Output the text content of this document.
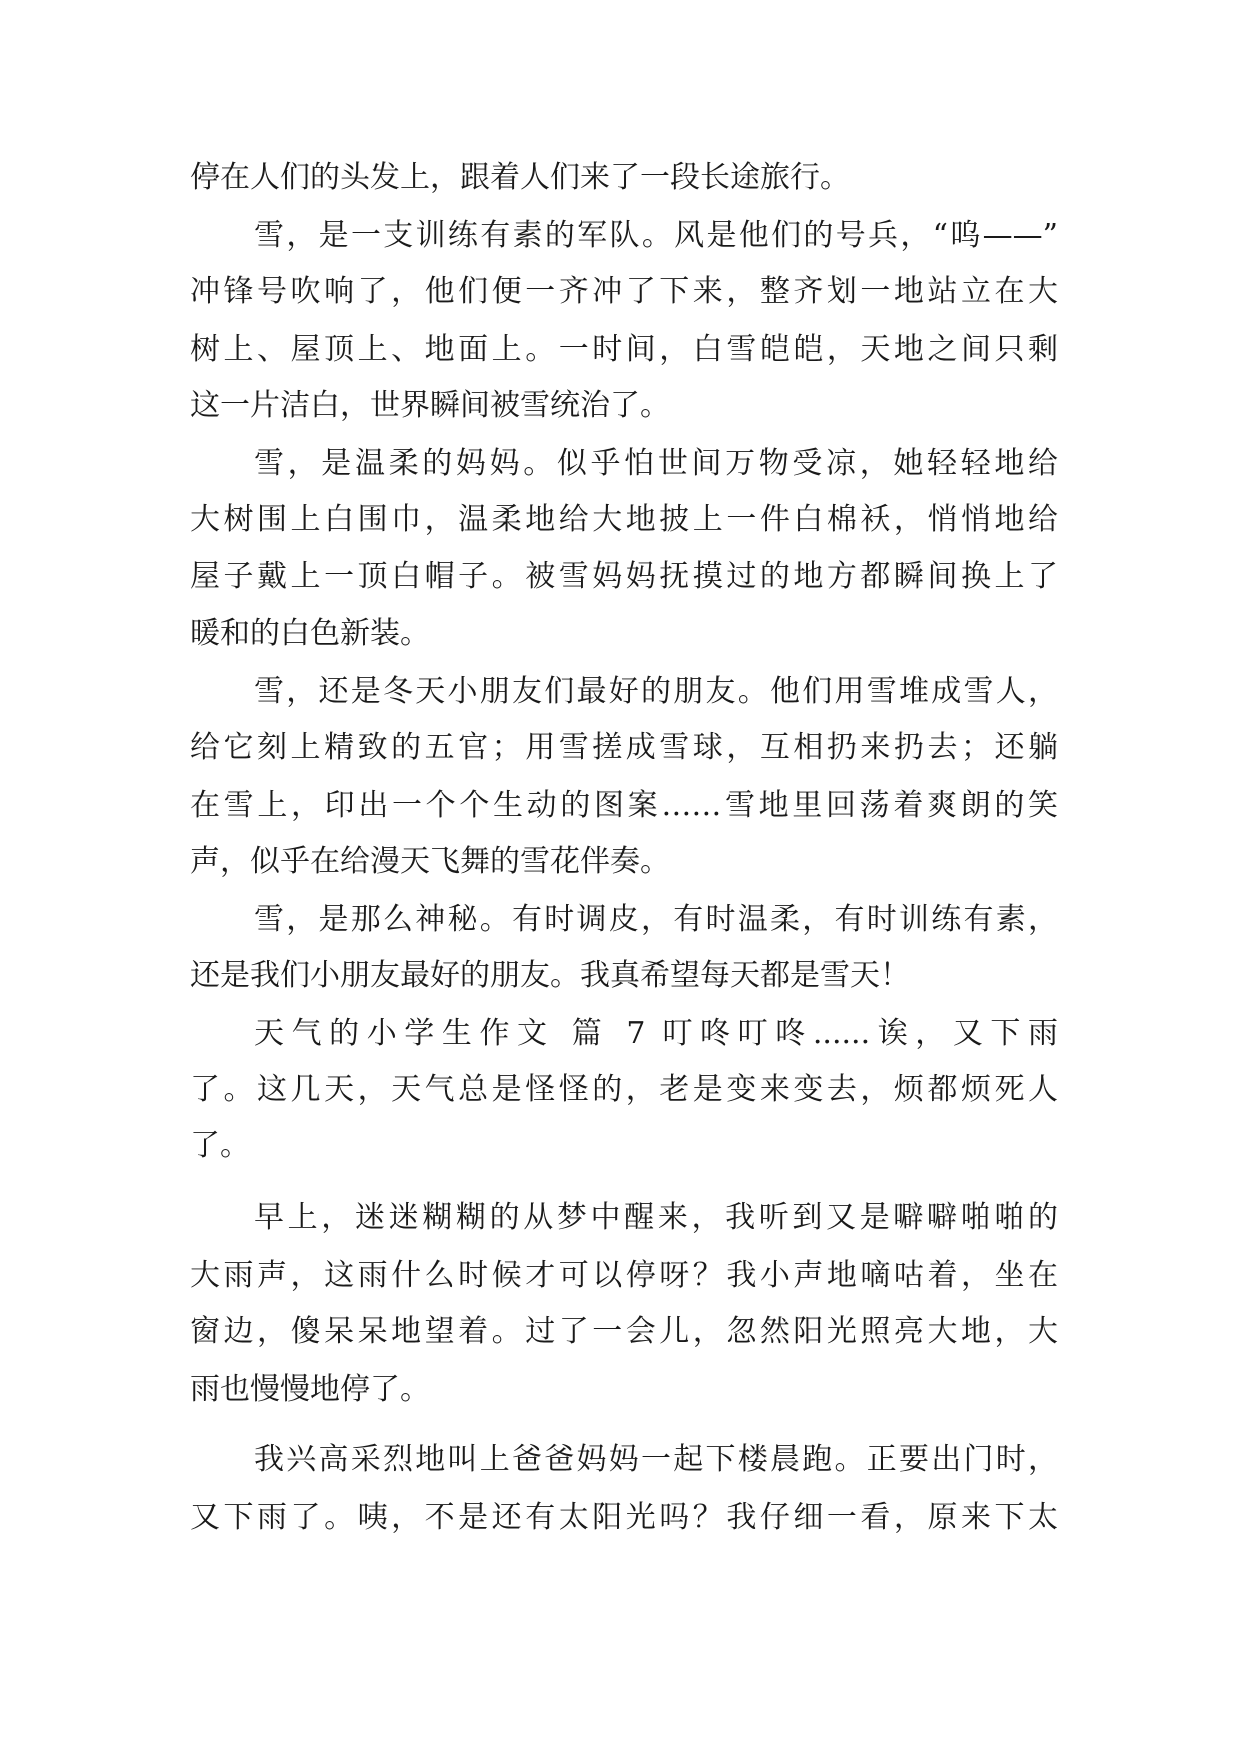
停在人们的头发上，跟着人们来了一段长途旅行。
雪，是一支训练有素的军队。风是他们的号兵，“呜——”
冲锋号吹响了，他们便一齐冲了下来，整齐划一地站立在大
树上、屋顶上、地面上。一时间，白雪皑皑，天地之间只剩
这一片洁白，世界瞬间被雪统治了。
雪，是温柔的妈妈。似乎怕世间万物受凉，她轻轻地给
大树围上白围巾，温柔地给大地披上一件白棉袄，悄悄地给
屋子戴上一顶白帽子。被雪妈妈抚摸过的地方都瞬间换上了
暖和的白色新装。
雪，还是冬天小朋友们最好的朋友。他们用雪堆成雪人，
给它刻上精致的五官；用雪搓成雪球，互相扔来扔去；还躺
在雪上，印出一个个生动的图案……雪地里回荡着爽朗的笑
声，似乎在给漫天飞舞的雪花伴奏。
雪，是那么神秘。有时调皮，有时温柔，有时训练有素，
还是我们小朋友最好的朋友。我真希望每天都是雪天！
天气的小学生作文 篇 7 叮咚叮咚......诶，又下雨
了。这几天，天气总是怪怪的，老是变来变去，烦都烦死人
了。
早上，迷迷糊糊的从梦中醒来，我听到又是噼噼啪啪的
大雨声，这雨什么时候才可以停呀？我小声地嘀咕着，坐在
窗边，傻呆呆地望着。过了一会儿，忽然阳光照亮大地，大
雨也慢慢地停了。
我兴高采烈地叫上爸爸妈妈一起下楼晨跑。正要出门时，
又下雨了。咦，不是还有太阳光吗？我仔细一看，原来下太
